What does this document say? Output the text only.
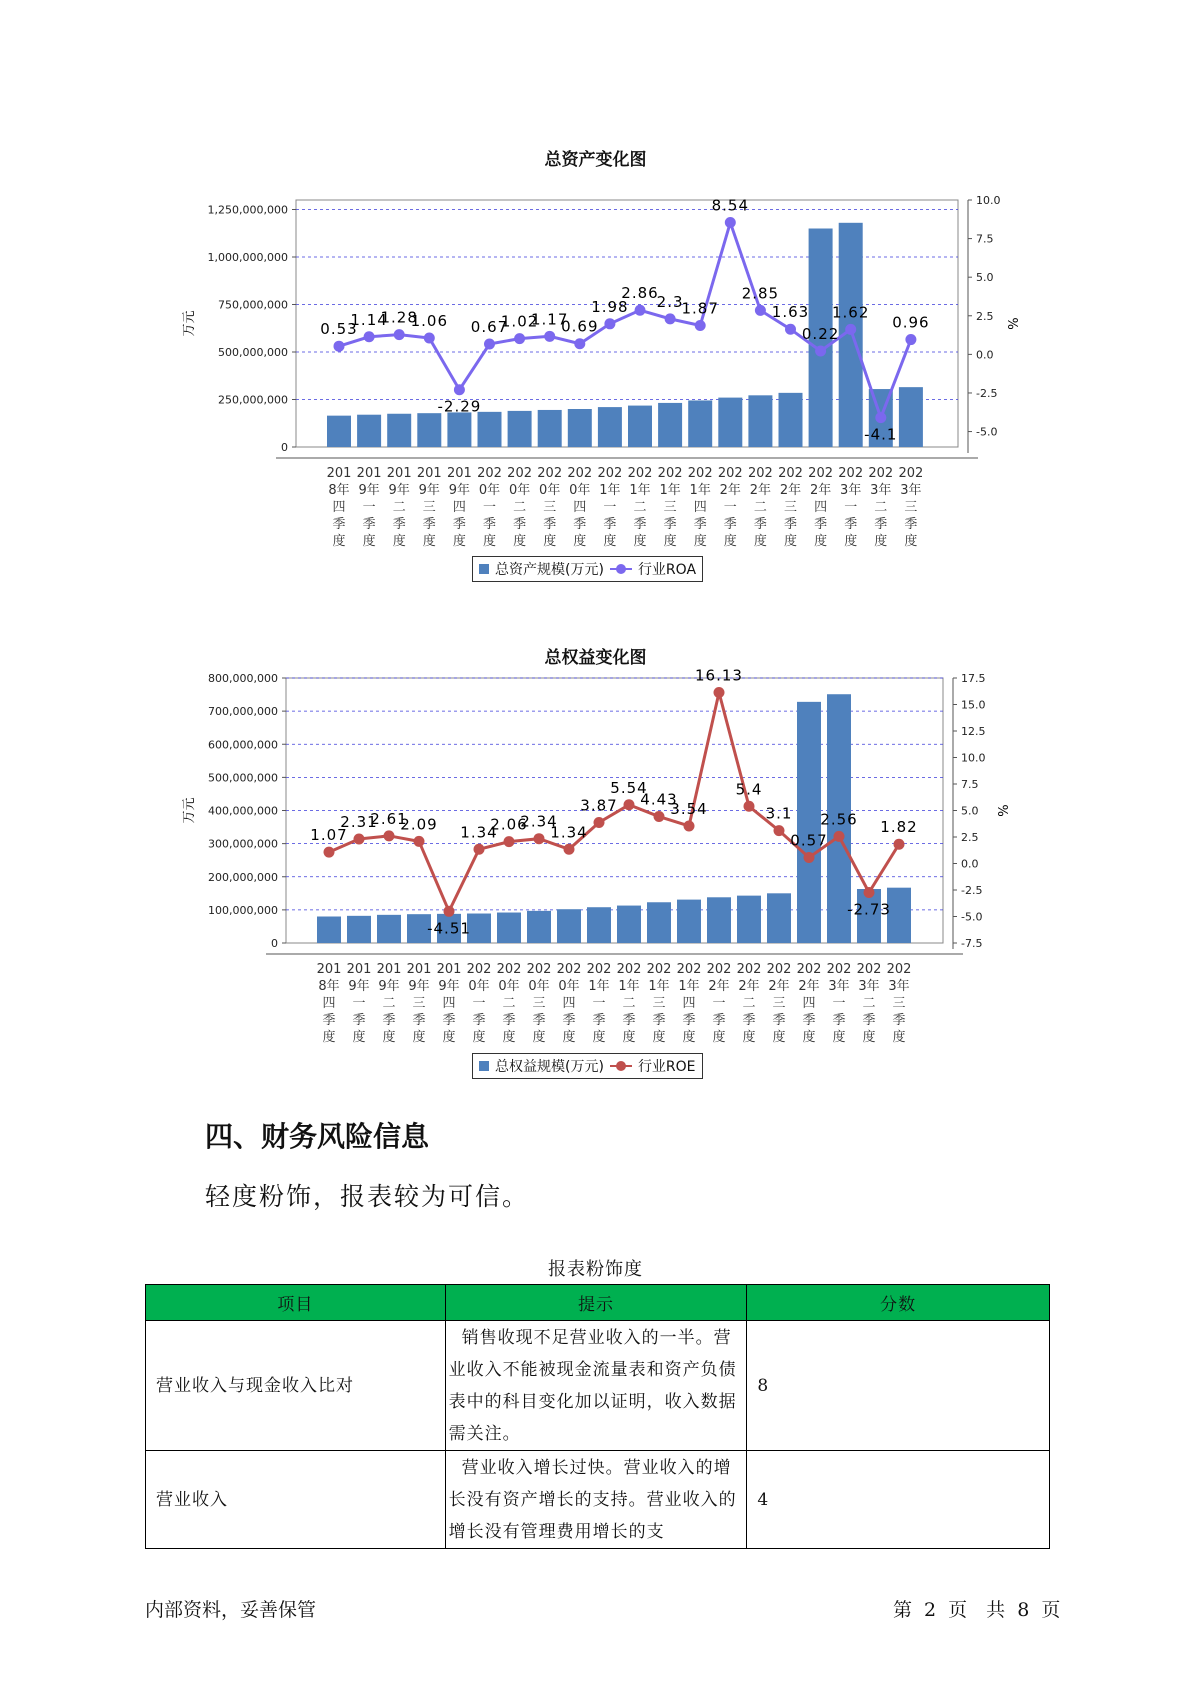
总资产变化图
0
250,000,000
500,000,000
750,000,000
1,000,000,000
1,250,000,000
-5.0
-2.5
0.0
2.5
5.0
7.5
10.0
万元	%
201 8年四季度
201 9年一季度
201 9年二季度
201 9年三季度
201 9年四季度
202 0年一季度
202 0年二季度
202 0年三季度
202 0年四季度
202 1年一季度
202 1年二季度
202 1年三季度
202 1年四季度
202 2年一季度
202 2年二季度
202 2年三季度
202 2年四季度
202 3年一季度
202 3年二季度
202 3年三季度
0.53
1.14
1.28
1.06
-2.29
0.67
1.02
1.17
0.69
1.98
2.86
2.3
1.87
8.54
2.85
1.63
0.22
1.62
-4.1
0.96
总资产规模(万元) 行业ROA
总权益变化图
0
100,000,000
200,000,000
300,000,000
400,000,000
500,000,000
600,000,000
700,000,000
800,000,000
-7.5
-5.0
-2.5
0.0
2.5
5.0
7.5
10.0
12.5
15.0
17.5
万元	%
201 8年四季度
201 9年一季度
201 9年二季度
201 9年三季度
201 9年四季度
202 0年一季度
202 0年二季度
202 0年三季度
202 0年四季度
202 1年一季度
202 1年二季度
202 1年三季度
202 1年四季度
202 2年一季度
202 2年二季度
202 2年三季度
202 2年四季度
202 3年一季度
202 3年二季度
202 3年三季度
1.07
2.31
2.61
2.09
-4.51
1.34
2.06
2.34
1.34
3.87
5.54
4.43
3.54
16.13
5.4
3.1
0.57
2.56
-2.73
1.82
总权益规模(万元) 行业ROE
四、财务风险信息
轻度粉饰，报表较为可信。
报表粉饰度
项目	提示	分数
营业收入与现金收入比对	销售收现不足营业收入的一半。营业收入不能被现金流量表和资产负债表中的科目变化加以证明，收入数据需关注。	8
营业收入	营业收入增长过快。营业收入的增长没有资产增长的支持。营业收入的增长没有管理费用增长的支	4
内部资料，妥善保管	第 2 页　共 8 页
